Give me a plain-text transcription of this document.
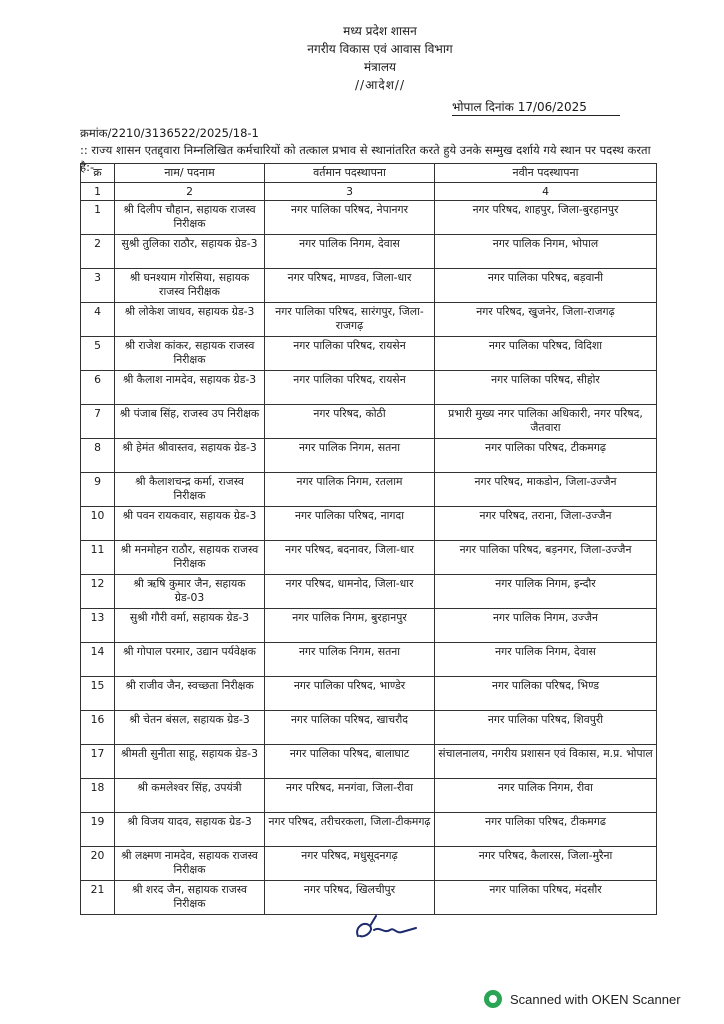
मध्य प्रदेश शासन
नगरीय विकास एवं आवास विभाग
मंत्रालय
//आदेश//
भोपाल दिनांक 17/06/2025
क्रमांक/2210/3136522/2025/18-1
:: राज्य शासन एतद्द्वारा निम्नलिखित कर्मचारियों को तत्काल प्रभाव से स्थानांतरित करते हुये उनके सम्मुख दर्शाये गये स्थान पर पदस्थ करता है:- क्र	नाम/ पदनाम	वर्तमान पदस्थापना	नवीन पदस्थापना
1	2	3	4
1	श्री दिलीप चौहान, सहायक राजस्व निरीक्षक	नगर पालिका परिषद, नेपानगर	नगर परिषद, शाहपुर, जिला-बुरहानपुर
2	सुश्री तुलिका राठौर, सहायक ग्रेड-3	नगर पालिक निगम, देवास	नगर पालिक निगम, भोपाल
3	श्री घनश्याम गोरसिया, सहायक राजस्व निरीक्षक	नगर परिषद, माण्डव, जिला-धार	नगर पालिका परिषद, बड़वानी
4	श्री लोकेश जाधव, सहायक ग्रेड-3	नगर पालिका परिषद, सारंगपुर, जिला-राजगढ़	नगर परिषद, खुजनेर, जिला-राजगढ़
5	श्री राजेश कांकर, सहायक राजस्व निरीक्षक	नगर पालिका परिषद, रायसेन	नगर पालिका परिषद, विदिशा
6	श्री कैलाश नामदेव, सहायक ग्रेड-3	नगर पालिका परिषद, रायसेन	नगर पालिका परिषद, सीहोर
7	श्री पंजाब सिंह, राजस्व उप निरीक्षक	नगर परिषद, कोठी	प्रभारी मुख्य नगर पालिका अधिकारी, नगर परिषद, जैतवारा
8	श्री हेमंत श्रीवास्तव, सहायक ग्रेड-3	नगर पालिक निगम, सतना	नगर पालिका परिषद, टीकमगढ़
9	श्री कैलाशचन्द्र कर्मा, राजस्व निरीक्षक	नगर पालिक निगम, रतलाम	नगर परिषद, माकडोन, जिला-उज्जैन
10	श्री पवन रायकवार, सहायक ग्रेड-3	नगर पालिका परिषद, नागदा	नगर परिषद, तराना, जिला-उज्जैन
11	श्री मनमोहन राठौर, सहायक राजस्व निरीक्षक	नगर परिषद, बदनावर, जिला-धार	नगर पालिका परिषद, बड़नगर, जिला-उज्जैन
12	श्री ऋषि कुमार जैन, सहायक ग्रेड-03	नगर परिषद, धामनोद, जिला-धार	नगर पालिक निगम, इन्दौर
13	सुश्री गौरी वर्मा, सहायक ग्रेड-3	नगर पालिक निगम, बुरहानपुर	नगर पालिक निगम, उज्जैन
14	श्री गोपाल परमार, उद्यान पर्यवेक्षक	नगर पालिक निगम, सतना	नगर पालिक निगम, देवास
15	श्री राजीव जैन, स्वच्छता निरीक्षक	नगर पालिका परिषद, भाण्डेर	नगर पालिका परिषद, भिण्ड
16	श्री चेतन बंसल, सहायक ग्रेड-3	नगर पालिका परिषद, खाचरौद	नगर पालिका परिषद, शिवपुरी
17	श्रीमती सुनीता साहू, सहायक ग्रेड-3	नगर पालिका परिषद, बालाघाट	संचालनालय, नगरीय प्रशासन एवं विकास, म.प्र. भोपाल
18	श्री कमलेश्वर सिंह, उपयंत्री	नगर परिषद, मनगंवा, जिला-रीवा	नगर पालिक निगम, रीवा
19	श्री विजय यादव, सहायक ग्रेड-3	नगर परिषद, तरीचरकला, जिला-टीकमगढ़	नगर पालिका परिषद, टीकमगढ
20	श्री लक्ष्मण नामदेव, सहायक राजस्व निरीक्षक	नगर परिषद, मधुसूदनगढ़	नगर परिषद, कैलारस, जिला-मुरैना
21	श्री शरद जैन, सहायक राजस्व निरीक्षक	नगर परिषद, खिलचीपुर	नगर पालिका परिषद, मंदसौर
Scanned with OKEN Scanner
